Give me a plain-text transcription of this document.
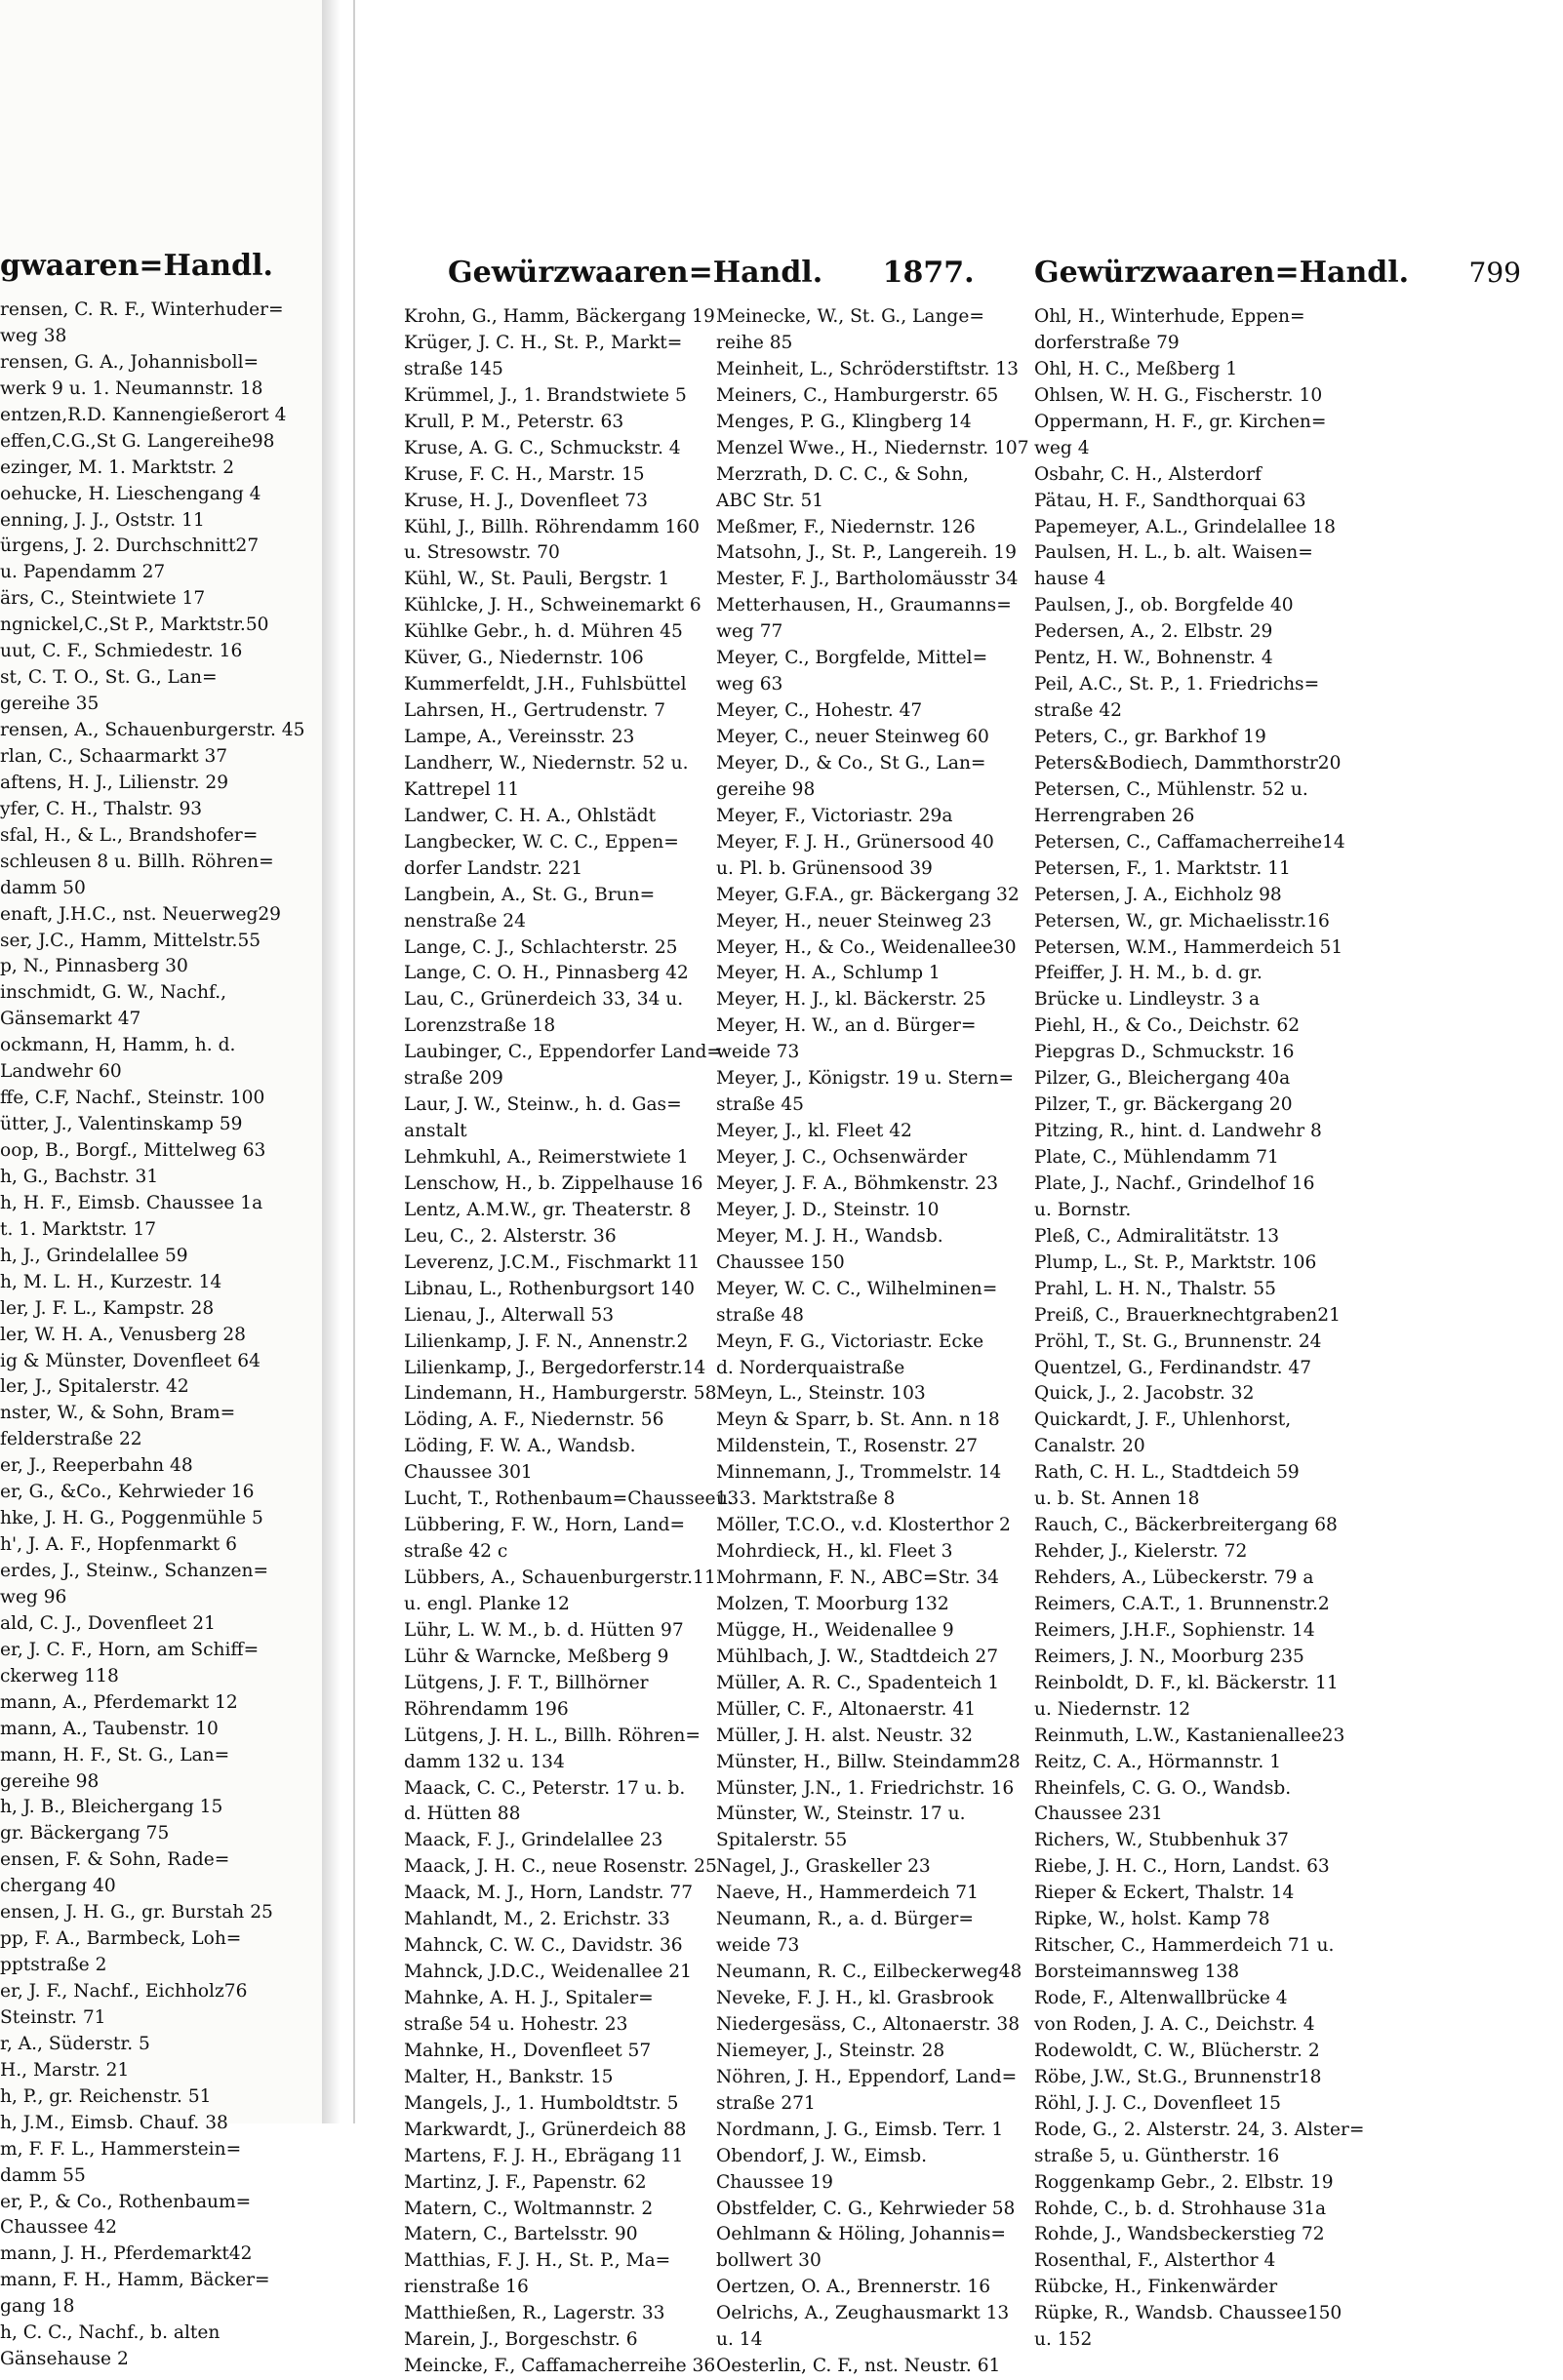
gwaaren=Handl.
rensen, C. R. F., Winterhuder=
weg 38
rensen, G. A., Johannisboll=
werk 9 u. 1. Neumannstr. 18
entzen,R.D. Kannengießerort 4
effen,C.G.,St G. Langereihe98
ezinger, M. 1. Marktstr. 2
oehucke, H. Lieschengang 4
enning, J. J., Oststr. 11
ürgens, J. 2. Durchschnitt27
u. Papendamm 27
ärs, C., Steintwiete 17
ngnickel,C.,St P., Marktstr.50
uut, C. F., Schmiedestr. 16
st, C. T. O., St. G., Lan=
gereihe 35
rensen, A., Schauenburgerstr. 45
rlan, C., Schaarmarkt 37
aftens, H. J., Lilienstr. 29
yfer, C. H., Thalstr. 93
sfal, H., & L., Brandshofer=
schleusen 8 u. Billh. Röhren=
damm 50
enaft, J.H.C., nst. Neuerweg29
ser, J.C., Hamm, Mittelstr.55
p, N., Pinnasberg 30
inschmidt, G. W., Nachf.,
Gänsemarkt 47
ockmann, H, Hamm, h. d.
Landwehr 60
ffe, C.F, Nachf., Steinstr. 100
ütter, J., Valentinskamp 59
oop, B., Borgf., Mittelweg 63
h, G., Bachstr. 31
h, H. F., Eimsb. Chaussee 1a
t. 1. Marktstr. 17
h, J., Grindelallee 59
h, M. L. H., Kurzestr. 14
ler, J. F. L., Kampstr. 28
ler, W. H. A., Venusberg 28
ig & Münster, Dovenfleet 64
ler, J., Spitalerstr. 42
nster, W., & Sohn, Bram=
felderstraße 22
er, J., Reeperbahn 48
er, G., &Co., Kehrwieder 16
hke, J. H. G., Poggenmühle 5
h', J. A. F., Hopfenmarkt 6
erdes, J., Steinw., Schanzen=
weg 96
ald, C. J., Dovenfleet 21
er, J. C. F., Horn, am Schiff=
ckerweg 118
mann, A., Pferdemarkt 12
mann, A., Taubenstr. 10
mann, H. F., St. G., Lan=
gereihe 98
h, J. B., Bleichergang 15
gr. Bäckergang 75
ensen, F. & Sohn, Rade=
chergang 40
ensen, J. H. G., gr. Burstah 25
pp, F. A., Barmbeck, Loh=
pptstraße 2
er, J. F., Nachf., Eichholz76
Steinstr. 71
r, A., Süderstr. 5
H., Marstr. 21
h, P., gr. Reichenstr. 51
h, J.M., Eimsb. Chauf. 38
m, F. F. L., Hammerstein=
damm 55
er, P., & Co., Rothenbaum=
Chaussee 42
mann, J. H., Pferdemarkt42
mann, F. H., Hamm, Bäcker=
gang 18
h, C. C., Nachf., b. alten
Gänsehause 2
Gewürzwaaren=Handl. 1877. Gewürzwaaren=Handl. 799
Krohn, G., Hamm, Bäckergang 19
Krüger, J. C. H., St. P., Markt=
straße 145
Krümmel, J., 1. Brandstwiete 5
Krull, P. M., Peterstr. 63
Kruse, A. G. C., Schmuckstr. 4
Kruse, F. C. H., Marstr. 15
Kruse, H. J., Dovenfleet 73
Kühl, J., Billh. Röhrendamm 160
u. Stresowstr. 70
Kühl, W., St. Pauli, Bergstr. 1
Kühlcke, J. H., Schweinemarkt 6
Kühlke Gebr., h. d. Mühren 45
Küver, G., Niedernstr. 106
Kummerfeldt, J.H., Fuhlsbüttel
Lahrsen, H., Gertrudenstr. 7
Lampe, A., Vereinsstr. 23
Landherr, W., Niedernstr. 52 u.
Kattrepel 11
Landwer, C. H. A., Ohlstädt
Langbecker, W. C. C., Eppen=
dorfer Landstr. 221
Langbein, A., St. G., Brun=
nenstraße 24
Lange, C. J., Schlachterstr. 25
Lange, C. O. H., Pinnasberg 42
Lau, C., Grünerdeich 33, 34 u.
Lorenzstraße 18
Laubinger, C., Eppendorfer Land=
straße 209
Laur, J. W., Steinw., h. d. Gas=
anstalt
Lehmkuhl, A., Reimerstwiete 1
Lenschow, H., b. Zippelhause 16
Lentz, A.M.W., gr. Theaterstr. 8
Leu, C., 2. Alsterstr. 36
Leverenz, J.C.M., Fischmarkt 11
Libnau, L., Rothenburgsort 140
Lienau, J., Alterwall 53
Lilienkamp, J. F. N., Annenstr.2
Lilienkamp, J., Bergedorferstr.14
Lindemann, H., Hamburgerstr. 58
Löding, A. F., Niedernstr. 56
Löding, F. W. A., Wandsb.
Chaussee 301
Lucht, T., Rothenbaum=Chaussee13
Lübbering, F. W., Horn, Land=
straße 42 c
Lübbers, A., Schauenburgerstr.11
u. engl. Planke 12
Lühr, L. W. M., b. d. Hütten 97
Lühr & Warncke, Meßberg 9
Lütgens, J. F. T., Billhörner
Röhrendamm 196
Lütgens, J. H. L., Billh. Röhren=
damm 132 u. 134
Maack, C. C., Peterstr. 17 u. b.
d. Hütten 88
Maack, F. J., Grindelallee 23
Maack, J. H. C., neue Rosenstr. 25
Maack, M. J., Horn, Landstr. 77
Mahlandt, M., 2. Erichstr. 33
Mahnck, C. W. C., Davidstr. 36
Mahnck, J.D.C., Weidenallee 21
Mahnke, A. H. J., Spitaler=
straße 54 u. Hohestr. 23
Mahnke, H., Dovenfleet 57
Malter, H., Bankstr. 15
Mangels, J., 1. Humboldtstr. 5
Markwardt, J., Grünerdeich 88
Martens, F. J. H., Ebrägang 11
Martinz, J. F., Papenstr. 62
Matern, C., Woltmannstr. 2
Matern, C., Bartelsstr. 90
Matthias, F. J. H., St. P., Ma=
rienstraße 16
Matthießen, R., Lagerstr. 33
Marein, J., Borgeschstr. 6
Meincke, F., Caffamacherreihe 36
Meinecke, W., St. G., Lange=
reihe 85
Meinheit, L., Schröderstiftstr. 13
Meiners, C., Hamburgerstr. 65
Menges, P. G., Klingberg 14
Menzel Wwe., H., Niedernstr. 107
Merzrath, D. C. C., & Sohn,
ABC Str. 51
Meßmer, F., Niedernstr. 126
Matsohn, J., St. P., Langereih. 19
Mester, F. J., Bartholomäusstr 34
Metterhausen, H., Graumanns=
weg 77
Meyer, C., Borgfelde, Mittel=
weg 63
Meyer, C., Hohestr. 47
Meyer, C., neuer Steinweg 60
Meyer, D., & Co., St G., Lan=
gereihe 98
Meyer, F., Victoriastr. 29a
Meyer, F. J. H., Grünersood 40
u. Pl. b. Grünensood 39
Meyer, G.F.A., gr. Bäckergang 32
Meyer, H., neuer Steinweg 23
Meyer, H., & Co., Weidenallee30
Meyer, H. A., Schlump 1
Meyer, H. J., kl. Bäckerstr. 25
Meyer, H. W., an d. Bürger=
weide 73
Meyer, J., Königstr. 19 u. Stern=
straße 45
Meyer, J., kl. Fleet 42
Meyer, J. C., Ochsenwärder
Meyer, J. F. A., Böhmkenstr. 23
Meyer, J. D., Steinstr. 10
Meyer, M. J. H., Wandsb.
Chaussee 150
Meyer, W. C. C., Wilhelminen=
straße 48
Meyn, F. G., Victoriastr. Ecke
d. Norderquaistraße
Meyn, L., Steinstr. 103
Meyn & Sparr, b. St. Ann. n 18
Mildenstein, T., Rosenstr. 27
Minnemann, J., Trommelstr. 14
u. 3. Marktstraße 8
Möller, T.C.O., v.d. Klosterthor 2
Mohrdieck, H., kl. Fleet 3
Mohrmann, F. N., ABC=Str. 34
Molzen, T. Moorburg 132
Mügge, H., Weidenallee 9
Mühlbach, J. W., Stadtdeich 27
Müller, A. R. C., Spadenteich 1
Müller, C. F., Altonaerstr. 41
Müller, J. H. alst. Neustr. 32
Münster, H., Billw. Steindamm28
Münster, J.N., 1. Friedrichstr. 16
Münster, W., Steinstr. 17 u.
Spitalerstr. 55
Nagel, J., Graskeller 23
Naeve, H., Hammerdeich 71
Neumann, R., a. d. Bürger=
weide 73
Neumann, R. C., Eilbeckerweg48
Neveke, F. J. H., kl. Grasbrook
Niedergesäss, C., Altonaerstr. 38
Niemeyer, J., Steinstr. 28
Nöhren, J. H., Eppendorf, Land=
straße 271
Nordmann, J. G., Eimsb. Terr. 1
Obendorf, J. W., Eimsb.
Chaussee 19
Obstfelder, C. G., Kehrwieder 58
Oehlmann & Höling, Johannis=
bollwert 30
Oertzen, O. A., Brennerstr. 16
Oelrichs, A., Zeughausmarkt 13
u. 14
Oesterlin, C. F., nst. Neustr. 61
Ohl, H., Winterhude, Eppen=
dorferstraße 79
Ohl, H. C., Meßberg 1
Ohlsen, W. H. G., Fischerstr. 10
Oppermann, H. F., gr. Kirchen=
weg 4
Osbahr, C. H., Alsterdorf
Pätau, H. F., Sandthorquai 63
Papemeyer, A.L., Grindelallee 18
Paulsen, H. L., b. alt. Waisen=
hause 4
Paulsen, J., ob. Borgfelde 40
Pedersen, A., 2. Elbstr. 29
Pentz, H. W., Bohnenstr. 4
Peil, A.C., St. P., 1. Friedrichs=
straße 42
Peters, C., gr. Barkhof 19
Peters&Bodiech, Dammthorstr20
Petersen, C., Mühlenstr. 52 u.
Herrengraben 26
Petersen, C., Caffamacherreihe14
Petersen, F., 1. Marktstr. 11
Petersen, J. A., Eichholz 98
Petersen, W., gr. Michaelisstr.16
Petersen, W.M., Hammerdeich 51
Pfeiffer, J. H. M., b. d. gr.
Brücke u. Lindleystr. 3 a
Piehl, H., & Co., Deichstr. 62
Piepgras D., Schmuckstr. 16
Pilzer, G., Bleichergang 40a
Pilzer, T., gr. Bäckergang 20
Pitzing, R., hint. d. Landwehr 8
Plate, C., Mühlendamm 71
Plate, J., Nachf., Grindelhof 16
u. Bornstr.
Pleß, C., Admiralitätstr. 13
Plump, L., St. P., Marktstr. 106
Prahl, L. H. N., Thalstr. 55
Preiß, C., Brauerknechtgraben21
Pröhl, T., St. G., Brunnenstr. 24
Quentzel, G., Ferdinandstr. 47
Quick, J., 2. Jacobstr. 32
Quickardt, J. F., Uhlenhorst,
Canalstr. 20
Rath, C. H. L., Stadtdeich 59
u. b. St. Annen 18
Rauch, C., Bäckerbreitergang 68
Rehder, J., Kielerstr. 72
Rehders, A., Lübeckerstr. 79 a
Reimers, C.A.T., 1. Brunnenstr.2
Reimers, J.H.F., Sophienstr. 14
Reimers, J. N., Moorburg 235
Reinboldt, D. F., kl. Bäckerstr. 11
u. Niedernstr. 12
Reinmuth, L.W., Kastanienallee23
Reitz, C. A., Hörmannstr. 1
Rheinfels, C. G. O., Wandsb.
Chaussee 231
Richers, W., Stubbenhuk 37
Riebe, J. H. C., Horn, Landst. 63
Rieper & Eckert, Thalstr. 14
Ripke, W., holst. Kamp 78
Ritscher, C., Hammerdeich 71 u.
Borsteimannsweg 138
Rode, F., Altenwallbrücke 4
von Roden, J. A. C., Deichstr. 4
Rodewoldt, C. W., Blücherstr. 2
Röbe, J.W., St.G., Brunnenstr18
Röhl, J. J. C., Dovenfleet 15
Rode, G., 2. Alsterstr. 24, 3. Alster=
straße 5, u. Güntherstr. 16
Roggenkamp Gebr., 2. Elbstr. 19
Rohde, C., b. d. Strohhause 31a
Rohde, J., Wandsbeckerstieg 72
Rosenthal, F., Alsterthor 4
Rübcke, H., Finkenwärder
Rüpke, R., Wandsb. Chaussee150
u. 152
